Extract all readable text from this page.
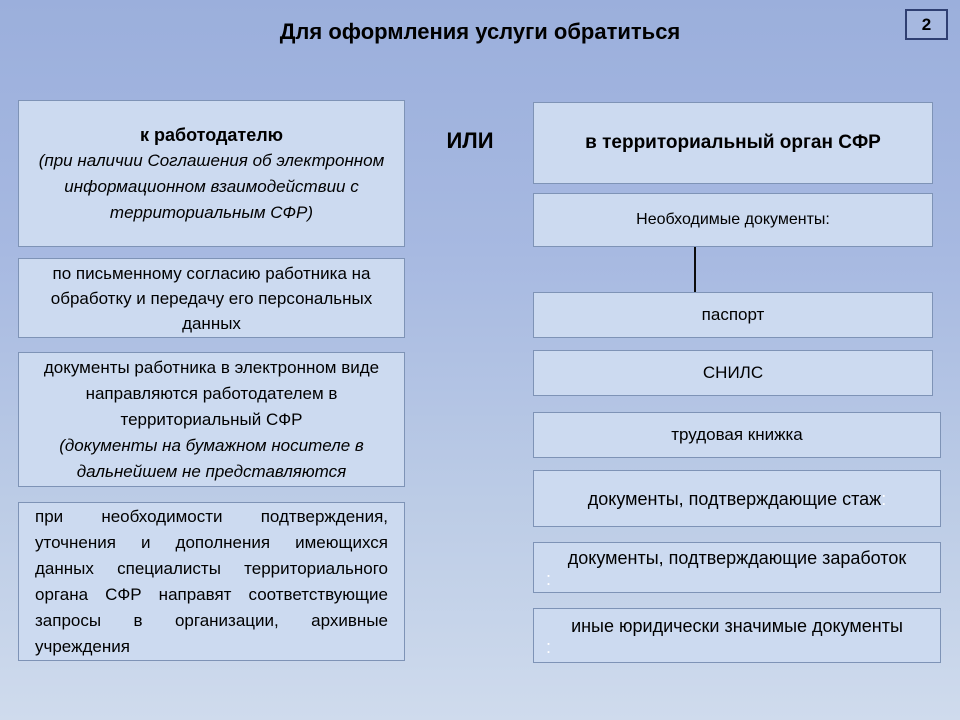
Для оформления услуги обратиться	2
к работодателю
(при наличии Соглашения об электронном информационном взаимодействии с территориальным СФР)
по письменному согласию работника на обработку и передачу его персональных данных
документы работника в электронном виде направляются работодателем в территориальный СФР
(документы на бумажном носителе в дальнейшем не представляются
при необходимости подтверждения, уточнения и дополнения имеющихся данных специалисты территориального органа СФР направят соответствующие запросы в организации, архивные учреждения
ИЛИ	в территориальный орган СФР
Необходимые документы:
паспорт
СНИЛС
трудовая книжка
документы, подтверждающие стаж:
документы, подтверждающие заработок
:
иные юридически значимые документы
:
